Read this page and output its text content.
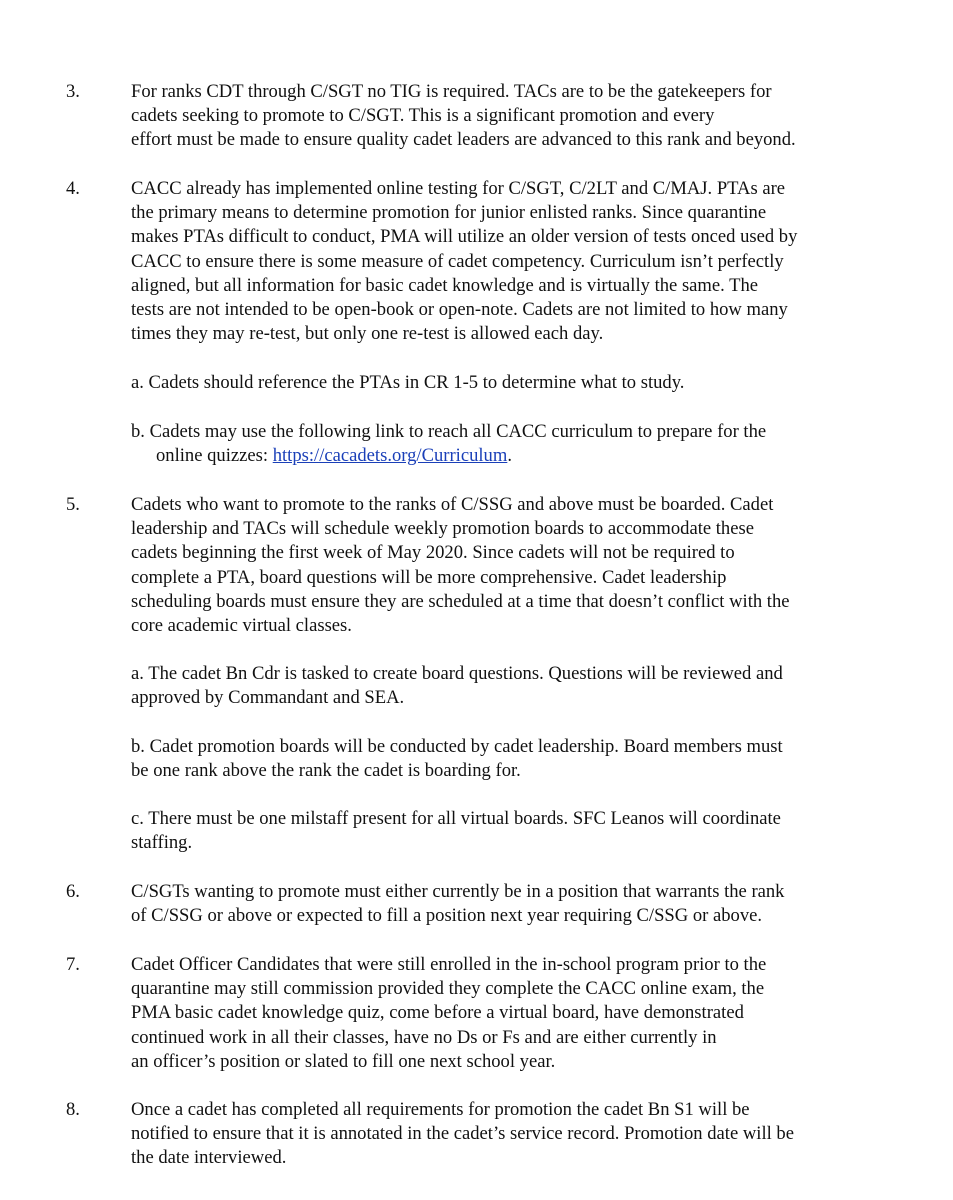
3.	For ranks CDT through C/SGT no TIG is required. TACs are to be the gatekeepers for
cadets seeking to promote to C/SGT. This is a significant promotion and every
effort must be made to ensure quality cadet leaders are advanced to this rank and beyond.
4.	CACC already has implemented online testing for C/SGT, C/2LT and C/MAJ. PTAs are
the primary means to determine promotion for junior enlisted ranks. Since quarantine
makes PTAs difficult to conduct, PMA will utilize an older version of tests onced used by
CACC to ensure there is some measure of cadet competency. Curriculum isn’t perfectly
aligned, but all information for basic cadet knowledge and is virtually the same. The
tests are not intended to be open-book or open-note. Cadets are not limited to how many
times they may re-test, but only one re-test is allowed each day.
a. Cadets should reference the PTAs in CR 1-5 to determine what to study.
b. Cadets may use the following link to reach all CACC curriculum to prepare for the
online quizzes: https://cacadets.org/Curriculum.
5.	Cadets who want to promote to the ranks of C/SSG and above must be boarded. Cadet
leadership and TACs will schedule weekly promotion boards to accommodate these
cadets beginning the first week of May 2020. Since cadets will not be required to
complete a PTA, board questions will be more comprehensive. Cadet leadership
scheduling boards must ensure they are scheduled at a time that doesn’t conflict with the
core academic virtual classes.
a. The cadet Bn Cdr is tasked to create board questions. Questions will be reviewed and
approved by Commandant and SEA.
b. Cadet promotion boards will be conducted by cadet leadership. Board members must
be one rank above the rank the cadet is boarding for.
c. There must be one milstaff present for all virtual boards. SFC Leanos will coordinate
staffing.
6.	C/SGTs wanting to promote must either currently be in a position that warrants the rank
of C/SSG or above or expected to fill a position next year requiring C/SSG or above.
7.	Cadet Officer Candidates that were still enrolled in the in-school program prior to the
quarantine may still commission provided they complete the CACC online exam, the
PMA basic cadet knowledge quiz, come before a virtual board, have demonstrated
continued work in all their classes, have no Ds or Fs and are either currently in
an officer’s position or slated to fill one next school year.
8.	Once a cadet has completed all requirements for promotion the cadet Bn S1 will be
notified to ensure that it is annotated in the cadet’s service record. Promotion date will be
the date interviewed.
